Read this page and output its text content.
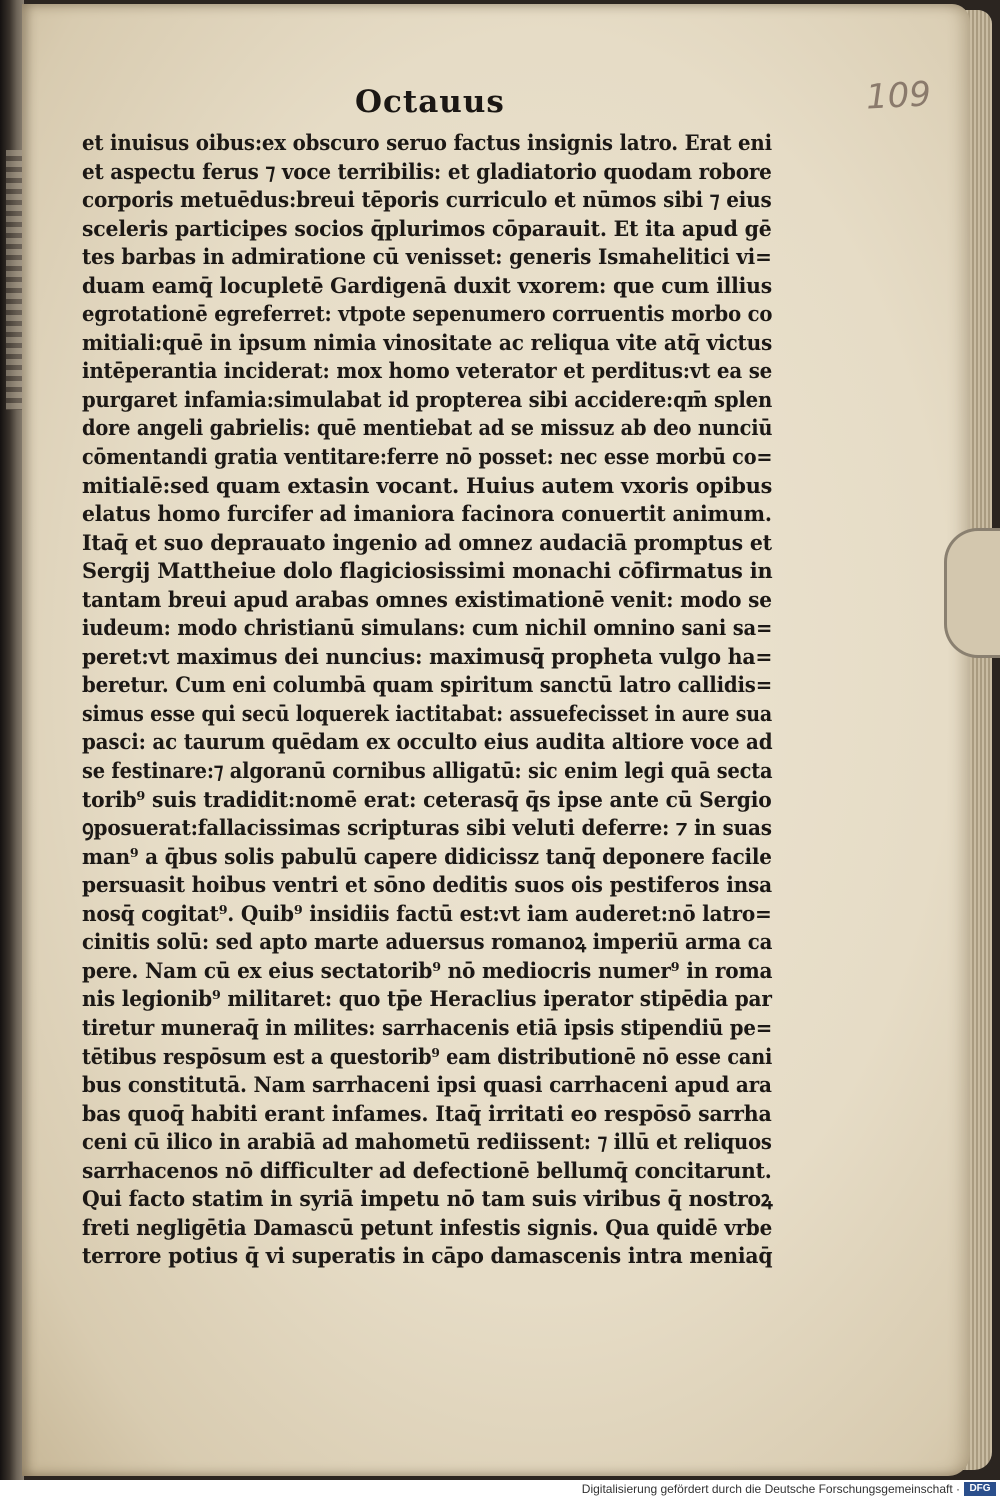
Octauus	109
et inuisus oibus:ex obscuro seruo factus insignis latro. Erat eni
et aspectu ferus ⁊ voce terribilis: et gladiatorio quodam robore
corporis metuēdus:breui tēporis curriculo et nūmos sibi ⁊ eius
sceleris participes socios q̄plurimos cōparauit. Et ita apud gē
tes barbas in admiratione cū venisset: generis Ismahelitici vi=
duam eamq̄ locupletē Gardigenā duxit vxorem: que cum illius
egrotationē egreferret: vtpote sepenumero corruentis morbo co
mitiali:quē in ipsum nimia vinositate ac reliqua vite atq̄ victus
intēperantia inciderat: mox homo veterator et perditus:vt ea se
purgaret infamia:simulabat id propterea sibi accidere:qm̄ splen
dore angeli gabrielis: quē mentiebat ad se missuz ab deo nunciū
cōmentandi gratia ventitare:ferre nō posset: nec esse morbū co=
mitialē:sed quam extasin vocant. Huius autem vxoris opibus
elatus homo furcifer ad imaniora facinora conuertit animum.
Itaq̄ et suo deprauato ingenio ad omnez audaciā promptus et
Sergij Mattheiue dolo flagiciosissimi monachi cōfirmatus in
tantam breui apud arabas omnes existimationē venit: modo se
iudeum: modo christianū simulans: cum nichil omnino sani sa=
peret:vt maximus dei nuncius: maximusq̄ propheta vulgo ha=
beretur. Cum eni columbā quam spiritum sanctū latro callidis=
simus esse qui secū loquerek iactitabat: assuefecisset in aure sua
pasci: ac taurum quēdam ex occulto eius audita altiore voce ad
se festinare:⁊ algoranū cornibus alligatū: sic enim legi quā secta
torib⁹ suis tradidit:nomē erat: ceterasq̄ q̄s ipse ante cū Sergio
ꝯposuerat:fallacissimas scripturas sibi veluti deferre: ⁊ in suas
man⁹ a q̄bus solis pabulū capere didicissz tanq̄ deponere facile
persuasit hoibus ventri et sōno deditis suos ois pestiferos insa
nosq̄ cogitat⁹. Quib⁹ insidiis factū est:vt iam auderet:nō latro=
cinitis solū: sed apto marte aduersus romanoꝝ imperiū arma ca
pere. Nam cū ex eius sectatorib⁹ nō mediocris numer⁹ in roma
nis legionib⁹ militaret: quo tp̄e Heraclius iperator stipēdia par
tiretur muneraq̄ in milites: sarrhacenis etiā ipsis stipendiū pe=
tētibus respōsum est a questorib⁹ eam distributionē nō esse cani
bus constitutā. Nam sarrhaceni ipsi quasi carrhaceni apud ara
bas quoq̄ habiti erant infames. Itaq̄ irritati eo respōsō sarrha
ceni cū ilico in arabiā ad mahometū rediissent: ⁊ illū et reliquos
sarrhacenos nō difficulter ad defectionē bellumq̄ concitarunt.
Qui facto statim in syriā impetu nō tam suis viribus q̄ nostroꝝ
freti negligētia Damascū petunt infestis signis. Qua quidē vrbe
terrore potius q̄ vi superatis in cāpo damascenis intra meniaq̄
Digitalisierung gefördert durch die Deutsche Forschungsgemeinschaft · DFG
